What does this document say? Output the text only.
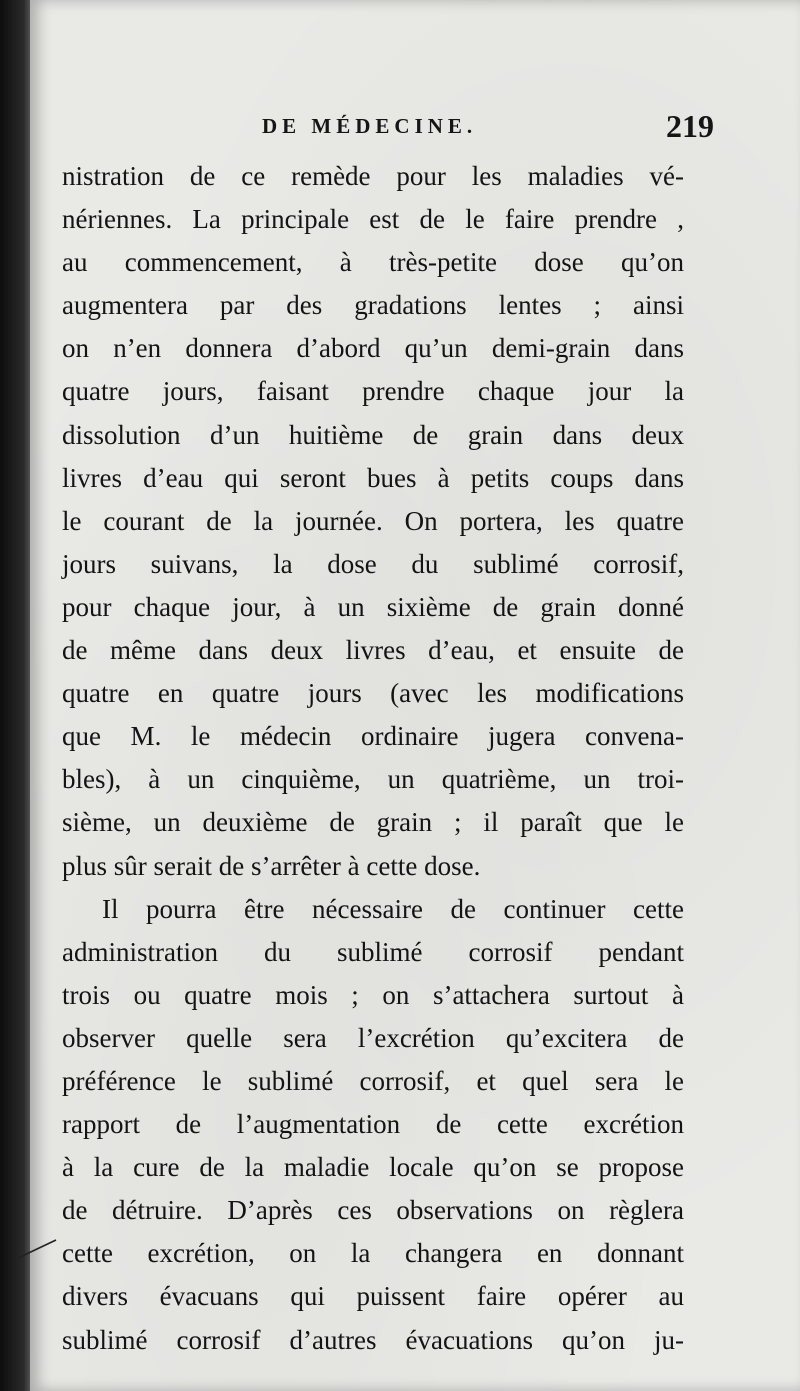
DE MÉDECINE.	219
nistration de ce remède pour les maladies vé-
nériennes. La principale est de le faire prendre ,
au commencement, à très-petite dose qu’on
augmentera par des gradations lentes ; ainsi
on n’en donnera d’abord qu’un demi-grain dans
quatre jours, faisant prendre chaque jour la
dissolution d’un huitième de grain dans deux
livres d’eau qui seront bues à petits coups dans
le courant de la journée. On portera, les quatre
jours suivans, la dose du sublimé corrosif,
pour chaque jour, à un sixième de grain donné
de même dans deux livres d’eau, et ensuite de
quatre en quatre jours (avec les modifications
que M. le médecin ordinaire jugera convena-
bles), à un cinquième, un quatrième, un troi-
sième, un deuxième de grain ; il paraît que le
plus sûr serait de s’arrêter à cette dose.
Il pourra être nécessaire de continuer cette
administration du sublimé corrosif pendant
trois ou quatre mois ; on s’attachera surtout à
observer quelle sera l’excrétion qu’excitera de
préférence le sublimé corrosif, et quel sera le
rapport de l’augmentation de cette excrétion
à la cure de la maladie locale qu’on se propose
de détruire. D’après ces observations on règlera
cette excrétion, on la changera en donnant
divers évacuans qui puissent faire opérer au
sublimé corrosif d’autres évacuations qu’on ju-
